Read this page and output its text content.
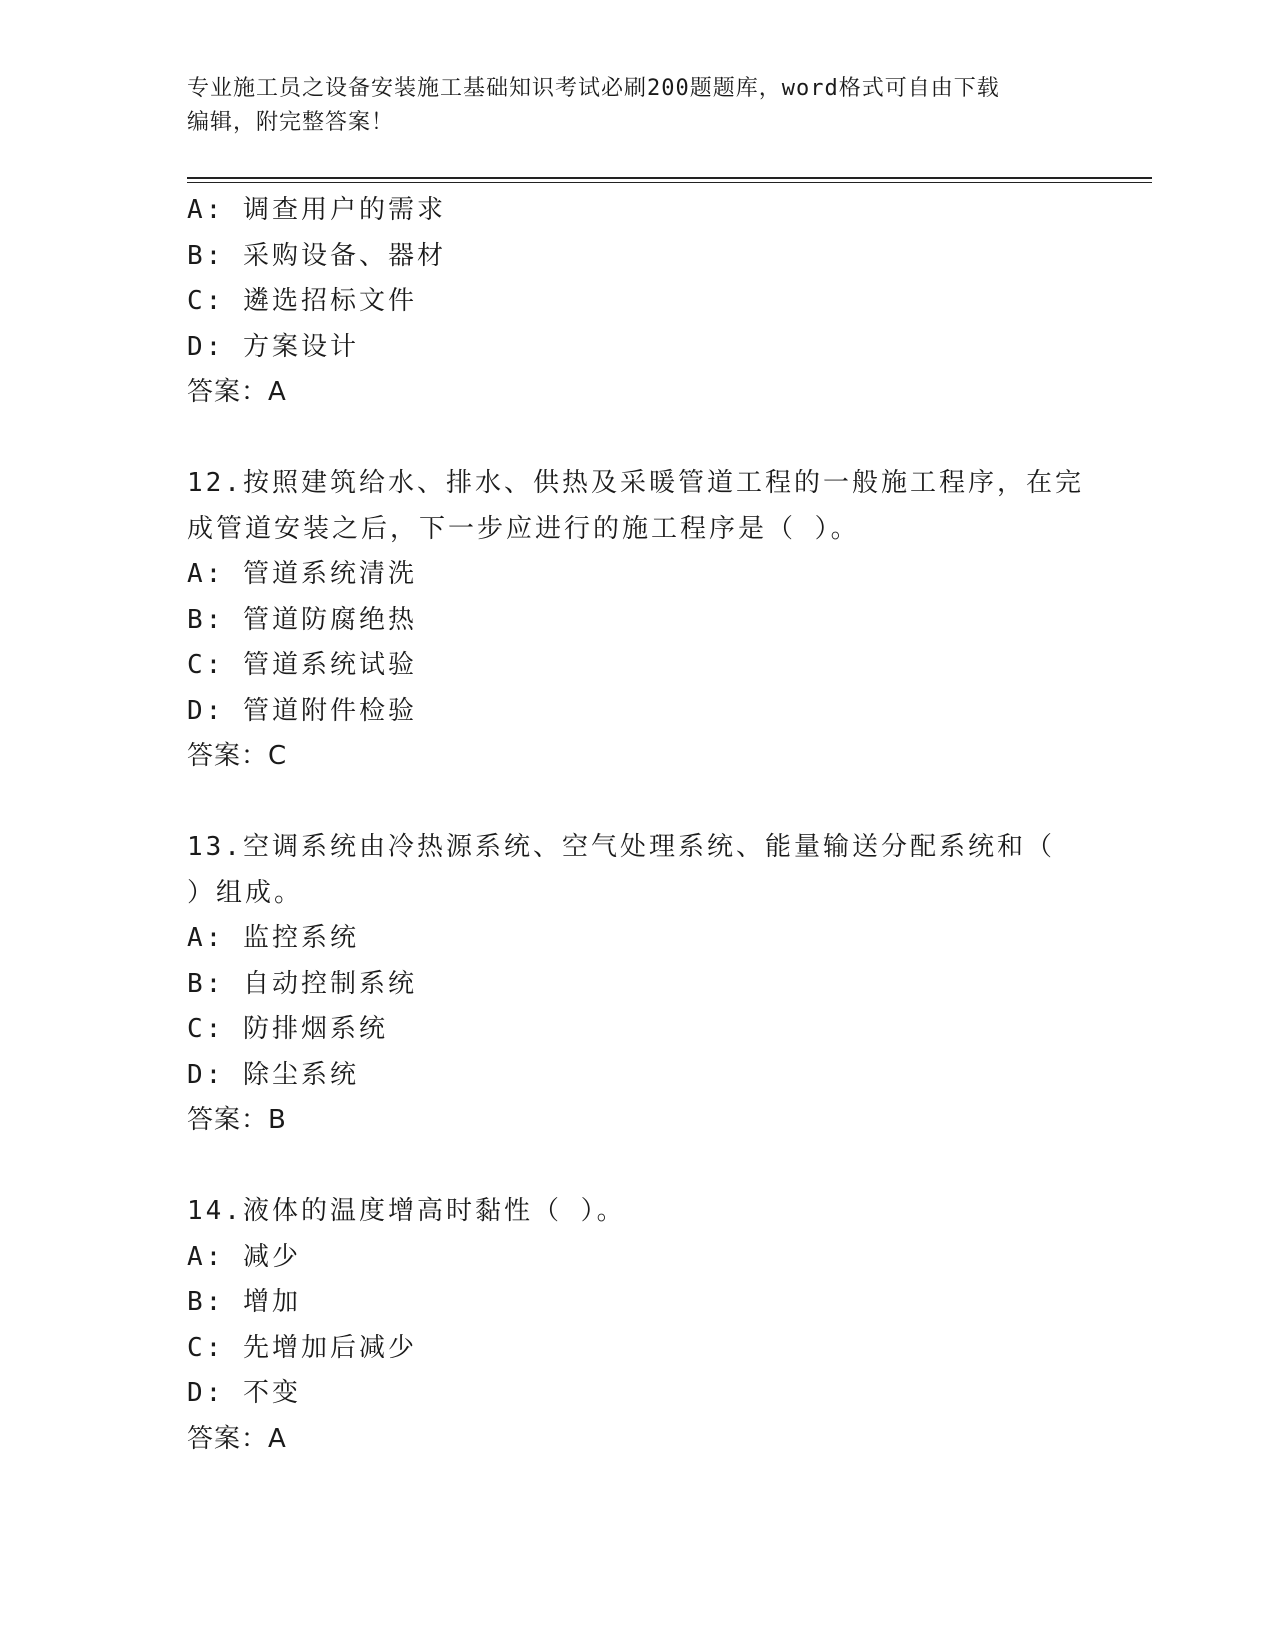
专业施工员之设备安装施工基础知识考试必刷200题题库，word格式可自由下载
编辑，附完整答案！
A: 调查用户的需求
B: 采购设备、器材
C: 遴选招标文件
D: 方案设计
答案：A
12.按照建筑给水、排水、供热及采暖管道工程的一般施工程序，在完
成管道安装之后，下一步应进行的施工程序是（ ）。
A: 管道系统清洗
B: 管道防腐绝热
C: 管道系统试验
D: 管道附件检验
答案：C
13.空调系统由冷热源系统、空气处理系统、能量输送分配系统和（
）组成。
A: 监控系统
B: 自动控制系统
C: 防排烟系统
D: 除尘系统
答案：B
14.液体的温度增高时黏性（ ）。
A: 减少
B: 增加
C: 先增加后减少
D: 不变
答案：A
